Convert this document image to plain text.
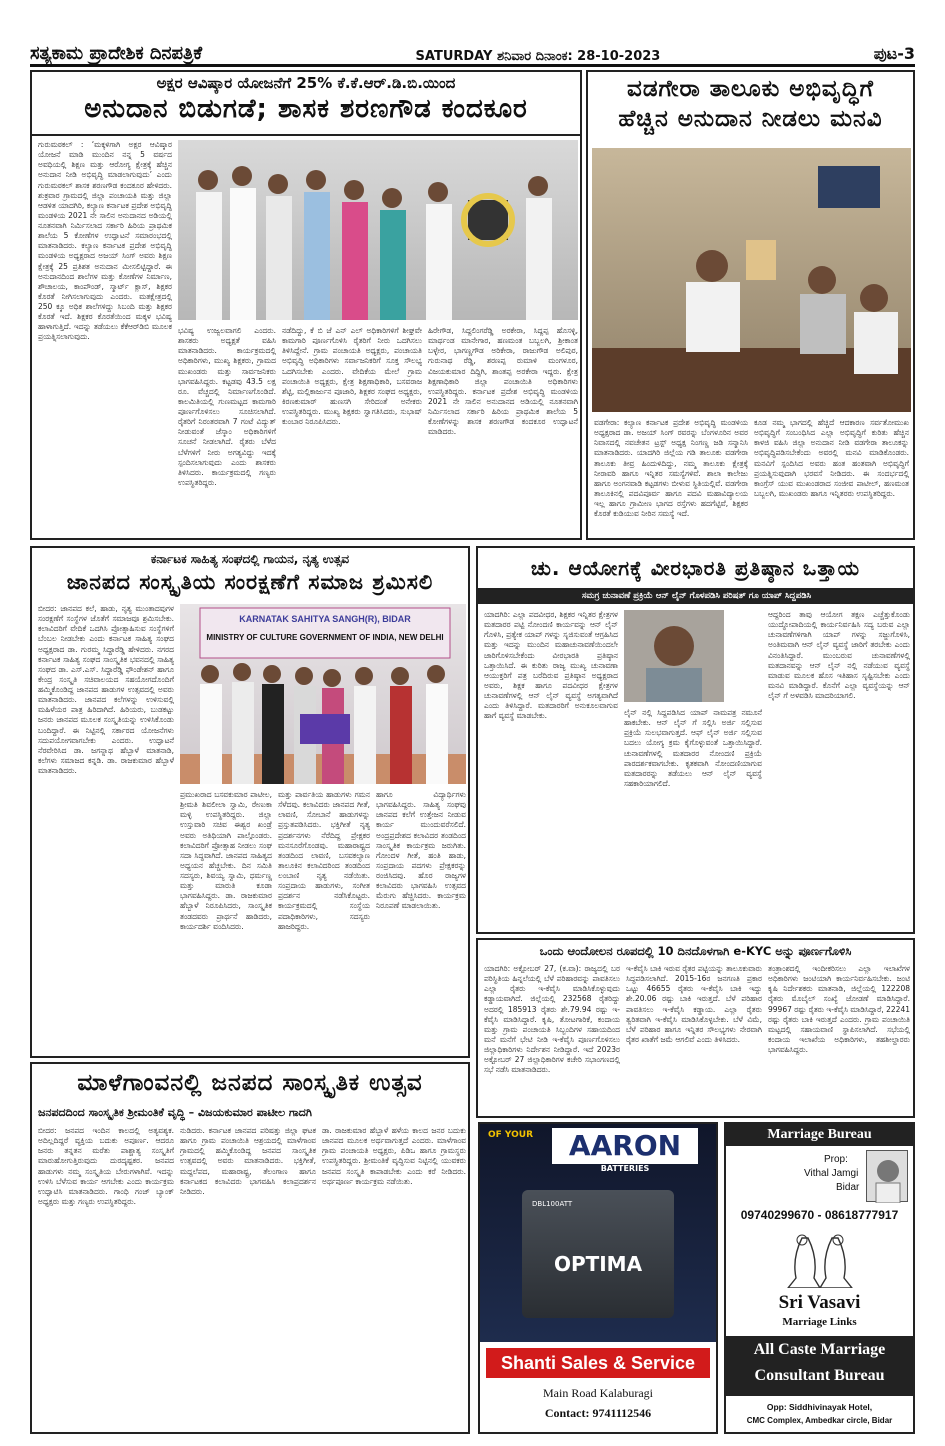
ಸತ್ಯಕಾಮ ಪ್ರಾದೇಶಿಕ ದಿನಪತ್ರಿಕೆ	SATURDAY ಶನಿವಾರ ದಿನಾಂಕ: 28-10-2023	ಪುಟ-3
ಅಕ್ಷರ ಆವಿಷ್ಕಾರ ಯೋಜನೆಗೆ 25% ಕೆ.ಕೆ.ಆರ್.ಡಿ.ಬಿ.ಯಿಂದ
ಅನುದಾನ ಬಿಡುಗಡೆ; ಶಾಸಕ ಶರಣಗೌಡ ಕಂದಕೂರ
ಗುರುಮಠಕಲ್ : ‘ಮಕ್ಕಳಿಗಾಗಿ ಅಕ್ಷರ ಆವಿಷ್ಕಾರ ಯೋಜನೆ ಮಾಡಿ ಮುಂದಿನ ನನ್ನ 5 ವರ್ಷದ ಅವಧಿಯಲ್ಲಿ ಶಿಕ್ಷಣ ಮತ್ತು ಆರೋಗ್ಯ ಕ್ಷೇತ್ರಕ್ಕೆ ಹೆಚ್ಚಿನ ಅನುದಾನ ನೀಡಿ ಅಭಿವೃದ್ಧಿ ಮಾಡಲಾಗುವುದು’ ಎಂದು ಗುರುಮಠಕಲ್ ಶಾಸಕ ಶರಣಗೌಡ ಕಂದಕೂರ ಹೇಳಿದರು. ಶುಕ್ರವಾರ ಗ್ರಾಮದಲ್ಲಿ ಜಿಲ್ಲಾ ಪಂಚಾಯತಿ ಮತ್ತು ಜಿಲ್ಲಾ ಆಡಳಿತ ಯಾದಗಿರಿ, ಕಲ್ಯಾಣ ಕರ್ನಾಟಕ ಪ್ರದೇಶ ಅಭಿವೃದ್ಧಿ ಮಂಡಳಿಯ 2021 ನೇ ಸಾಲಿನ ಅನುದಾನದ ಅಡಿಯಲ್ಲಿ ನೂತನವಾಗಿ ನಿರ್ಮಿಸಲಾದ ಸರ್ಕಾರಿ ಹಿರಿಯ ಪ್ರಾಥಮಿಕ ಶಾಲೆಯ 5 ಕೋಣೆಗಳ ಉದ್ಘಾಟನೆ ಸಮಾರಂಭದಲ್ಲಿ ಮಾತನಾಡಿದರು. ಕಲ್ಯಾಣ ಕರ್ನಾಟಕ ಪ್ರದೇಶ ಅಭಿವೃದ್ಧಿ ಮಂಡಳಿಯ ಅಧ್ಯಕ್ಷರಾದ ಅಜಯ್ ಸಿಂಗ್ ಅವರು ಶಿಕ್ಷಣ ಕ್ಷೇತ್ರಕ್ಕೆ 25 ಪ್ರತಿಶತ ಅನುದಾನ ಮೀಸಲಿಟ್ಟಿದ್ದಾರೆ. ಈ ಅನುದಾನದಿಂದ ಶಾಲೆಗಳ ಮತ್ತು ಕೋಣೆಗಳ ನಿರ್ಮಾಣ, ಶೌಚಾಲಯ, ಕಾಂಪೌಂಡ್, ಸ್ಮಾರ್ಟ್ ಕ್ಲಾಸ್, ಶಿಕ್ಷಕರ ಕೊರತೆ ನೀಗಿಸಲಾಗುವುದು ಎಂದರು. ಮತಕ್ಷೇತ್ರದಲ್ಲಿ 250 ಕ್ಕೂ ಅಧಿಕ ಶಾಲೆಗಳಿದ್ದು ಸಿಬಂದಿ ಮತ್ತು ಶಿಕ್ಷಕರ ಕೊರತೆ ಇದೆ. ಶಿಕ್ಷಕರ ಕೊರತೆಯಿಂದ ಮಕ್ಕಳ ಭವಿಷ್ಯ ಹಾಳಾಗುತ್ತಿದೆ. ಇದನ್ನು ತಡೆಯಲು ಕೆಕೆಆರ್‌ಡಿಬಿ ಮೂಲಕ ಪ್ರಯತ್ನಿಸಲಾಗುವುದು.
ಭವಿಷ್ಯ ಉಜ್ವಲವಾಗಲಿ ಎಂದರು. ಶಾಸಕರು ಅಧ್ಯಕ್ಷತೆ ವಹಿಸಿ ಮಾತನಾಡಿದರು. ಕಾರ್ಯಕ್ರಮದಲ್ಲಿ ಅಧಿಕಾರಿಗಳು, ಮುಖ್ಯ ಶಿಕ್ಷಕರು, ಗ್ರಾಮದ ಮುಖಂಡರು ಮತ್ತು ಸಾರ್ವಜನಿಕರು ಭಾಗವಹಿಸಿದ್ದರು. ಕಟ್ಟಡವು 43.5 ಲಕ್ಷ ರೂ. ವೆಚ್ಚದಲ್ಲಿ ನಿರ್ಮಾಣಗೊಂಡಿದೆ. ಕಾಲಮಿತಿಯಲ್ಲಿ ಗುಣಮಟ್ಟದ ಕಾಮಗಾರಿ ಪೂರ್ಣಗೊಳಿಸಲು ಸೂಚಿಸಲಾಗಿದೆ. ರೈತರಿಗೆ ನಿರಂತರವಾಗಿ 7 ಗಂಟೆ ವಿದ್ಯುತ್ ನೀಡುವಂತೆ ಜೆಸ್ಕಾಂ ಅಧಿಕಾರಿಗಳಿಗೆ ಸೂಚನೆ ನೀಡಲಾಗಿದೆ. ರೈತರು ಬೆಳೆದ ಬೆಳೆಗಳಿಗೆ ನೀರು ಅಗತ್ಯವಿದ್ದು ಇದಕ್ಕೆ ಸ್ಪಂದಿಸಲಾಗುವುದು ಎಂದು ಶಾಸಕರು ತಿಳಿಸಿದರು. ಕಾರ್ಯಕ್ರಮದಲ್ಲಿ ಗಣ್ಯರು ಉಪಸ್ಥಿತರಿದ್ದರು.
ನಡೆದಿದ್ದು, ಕೆ ಬಿ ಜೆ ಎನ್ ಎಲ್ ಅಧಿಕಾರಿಗಳಿಗೆ ಶೀಘ್ರವೇ ಕಾಮಗಾರಿ ಪೂರ್ಣಗೊಳಿಸಿ ರೈತರಿಗೆ ನೀರು ಒದಗಿಸಲು ತಿಳಿಸಿದ್ದೇನೆ. ಗ್ರಾಮ ಪಂಚಾಯತಿ ಅಧ್ಯಕ್ಷರು, ಪಂಚಾಯತಿ ಅಭಿವೃದ್ಧಿ ಅಧಿಕಾರಿಗಳು ಸರ್ವಾಜನಿಕರಿಗೆ ಸೂಕ್ತ ಸೌಲಭ್ಯ ಒದಗಿಸಬೇಕು ಎಂದರು. ವೇದಿಕೆಯ ಮೇಲೆ ಗ್ರಾಮ ಪಂಚಾಯಿತಿ ಅಧ್ಯಕ್ಷರು, ಕ್ಷೇತ್ರ ಶಿಕ್ಷಣಾಧಿಕಾರಿ, ಬಸವರಾಜ ಶೆಟ್ಟಿ, ಮಲ್ಲಿಕಾರ್ಜುನ ಪೂಜಾರಿ, ಶಿಕ್ಷಕರ ಸಂಘದ ಅಧ್ಯಕ್ಷರು, ಕಿರಣಕುಮಾರ್ ಹುಣಸಗಿ ಸೇರಿದಂತೆ ಅನೇಕರು ಉಪಸ್ಥಿತರಿದ್ದರು. ಮುಖ್ಯ ಶಿಕ್ಷಕರು ಸ್ವಾಗತಿಸಿದರು, ಸುಭಾಷ್ ಕುಂಬಾರ ನಿರೂಪಿಸಿದರು.
ಹಿರೇಗೌಡ, ಸಿದ್ದಲಿಂಗರೆಡ್ಡಿ ಅರಕೇರಾ, ಸಿದ್ದಪ್ಪ ಹೊಸಳ್ಳಿ, ಮಾರ್ಥಂಡ ಮಾನೇಗಾರ, ಹಣಮಂತ ಬಬ್ಬಲಗಿ, ಶ್ರೀಕಾಂತ ಬಳ್ಳೇರ, ಭಾಗಣ್ಣಗೌಡ ಅರಿಕೇರಾ, ರಾಜುಗೌಡ ಅಲಿಪುರ, ಗುರುನಾಥ ರೆಡ್ಡಿ, ಶರಣಪ್ಪ ರುಮಾಳಿ ಮಂಗಳೂರ, ವಿಜಯಕುಮಾರ ದಿದ್ದಿಗಿ, ಶಾಂತಪ್ಪ ಅರಕೇರಾ ಇದ್ದರು. ಕ್ಷೇತ್ರ ಶಿಕ್ಷಣಾಧಿಕಾರಿ ಜಿಲ್ಲಾ ಪಂಚಾಯಿತಿ ಅಧಿಕಾರಿಗಳು ಉಪಸ್ಥಿತರಿದ್ದರು. ಕರ್ನಾಟಕ ಪ್ರದೇಶ ಅಭಿವೃದ್ಧಿ ಮಂಡಳಿಯ 2021 ನೇ ಸಾಲಿನ ಅನುದಾನದ ಅಡಿಯಲ್ಲಿ ನೂತನವಾಗಿ ನಿರ್ಮಿಸಲಾದ ಸರ್ಕಾರಿ ಹಿರಿಯ ಪ್ರಾಥಮಿಕ ಶಾಲೆಯ 5 ಕೋಣೆಗಳನ್ನು ಶಾಸಕ ಶರಣಗೌಡ ಕಂದಕೂರ ಉದ್ಘಾಟನೆ ಮಾಡಿದರು.
ವಡಗೇರಾ ತಾಲೂಕು ಅಭಿವೃದ್ಧಿಗೆ
ಹೆಚ್ಚಿನ ಅನುದಾನ ನೀಡಲು ಮನವಿ
ವಡಗೇರಾ: ಕಲ್ಯಾಣ ಕರ್ನಾಟಕ ಪ್ರದೇಶ ಅಭಿವೃದ್ಧಿ ಮಂಡಳಿಯ ಅಧ್ಯಕ್ಷರಾದ ಡಾ. ಅಜಯ್ ಸಿಂಗ್ ರವರನ್ನು ಬೆಂಗಳೂರಿನ ಅವರ ನಿವಾಸದಲ್ಲಿ ನವಚೇತನ ಟ್ರಸ್ಟ್ ಅಧ್ಯಕ್ಷ ನಿಂಗಣ್ಣ ಜಡಿ ಸನ್ಮಾನಿಸಿ ಮಾತನಾಡಿದರು. ಯಾದಗಿರಿ ಜಿಲ್ಲೆಯ ಗಡಿ ತಾಲೂಕು ವಡಗೇರಾ ತಾಲೂಕು ತೀವ್ರ ಹಿಂದುಳಿದಿದ್ದು, ನಮ್ಮ ತಾಲೂಕು ಕ್ಷೇತ್ರಕ್ಕೆ ನೀರಾವರಿ ಹಾಗೂ ಇನ್ನಿತರ ಸಮಸ್ಯೆಗಳಿವೆ. ಶಾಲಾ ಕಾಲೇಜು ಹಾಗೂ ಅಂಗನವಾಡಿ ಕಟ್ಟಡಗಳು ಬೀಳುವ ಸ್ಥಿತಿಯಲ್ಲಿವೆ. ವಡಗೇರಾ ತಾಲೂಕಿನಲ್ಲಿ ಪದವಿಪೂರ್ವ ಹಾಗೂ ಪದವಿ ಮಹಾವಿದ್ಯಾಲಯ ಇಲ್ಲ ಹಾಗೂ ಗ್ರಾಮೀಣ ಭಾಗದ ರಸ್ತೆಗಳು ಹದಗೆಟ್ಟಿವೆ, ಶಿಕ್ಷಕರ ಕೊರತೆ ಕುಡಿಯುವ ನೀರಿನ ಸಮಸ್ಯೆ ಇದೆ.
ಕೂಡ ನಮ್ಮ ಭಾಗದಲ್ಲಿ ಹೆಚ್ಚಿದೆ ಆದಕಾರಣ ಸರ್ವತೋಮುಖ ಅಭಿವೃದ್ಧಿಗೆ ಸಂಬಂಧಿಸಿದ ಎಲ್ಲಾ ಅಭಿವೃದ್ಧಿಗೆ ಕುರಿತು ಹೆಚ್ಚಿನ ಕಾಳಜಿ ವಹಿಸಿ ಜಿಲ್ಲಾ ಅನುದಾನ ನೀಡಿ ವಡಗೇರಾ ತಾಲೂಕನ್ನು ಅಭಿವೃದ್ಧಿಪಡಿಸಬೇಕೆಂದು ಅವರಲ್ಲಿ ಮನವಿ ಮಾಡಿಕೊಂಡರು. ಮನವಿಗೆ ಸ್ಪಂದಿಸಿದ ಅವರು ಹಂತ ಹಂತವಾಗಿ ಅಭಿವೃದ್ಧಿಗೆ ಪ್ರಯತ್ನಿಸುವುದಾಗಿ ಭರವಸೆ ನೀಡಿದರು. ಈ ಸಂದರ್ಭದಲ್ಲಿ ಕಾಂಗ್ರೆಸ್ ಯುವ ಮುಖಂಡರಾದ ಸಂಜೀವ ಪಾಟೀಲ್, ಹಣಮಂತ ಬಬ್ಬಲಗಿ, ಮುಖಂಡರು ಹಾಗೂ ಇನ್ನಿತರರು ಉಪಸ್ಥಿತರಿದ್ದರು.
ಕರ್ನಾಟಕ ಸಾಹಿತ್ಯ ಸಂಘದಲ್ಲಿ ಗಾಯನ, ನೃತ್ಯ ಉತ್ಸವ
ಜಾನಪದ ಸಂಸ್ಕೃತಿಯ ಸಂರಕ್ಷಣೆಗೆ ಸಮಾಜ ಶ್ರಮಿಸಲಿ
ಬೀದರ: ಜಾನಪದ ಕಲೆ, ಹಾಡು, ನೃತ್ಯ ಮುಂತಾದವುಗಳ ಸಂರಕ್ಷಣೆಗೆ ಸಂಸ್ಥೆಗಳ ಜೊತೆಗೆ ಸಮಾಜವೂ ಶ್ರಮಿಸಬೇಕು. ಕಲಾವಿದರಿಗೆ ವೇದಿಕೆ ಒದಗಿಸಿ ಪ್ರೋತ್ಸಾಹಿಸುವ ಸಂಸ್ಥೆಗಳಿಗೆ ಬೆಂಬಲ ನೀಡಬೇಕು ಎಂದು ಕರ್ನಾಟಕ ಸಾಹಿತ್ಯ ಸಂಘದ ಅಧ್ಯಕ್ಷರಾದ ಡಾ. ಗುರಮ್ಮ ಸಿದ್ದಾರೆಡ್ಡಿ ಹೇಳಿದರು. ನಗರದ ಕರ್ನಾಟಕ ಸಾಹಿತ್ಯ ಸಂಘದ ಸಾಂಸ್ಕೃತಿಕ ಭವನದಲ್ಲಿ ಸಾಹಿತ್ಯ ಸಂಘದ ಡಾ. ಎಸ್.ಎಸ್. ಸಿದ್ದಾರೆಡ್ಡಿ ಫೌಂಡೇಶನ್ ಹಾಗೂ ಕೇಂದ್ರ ಸಂಸ್ಕೃತಿ ಸಚಿವಾಲಯದ ಸಹಯೋಗದೊಂದಿಗೆ ಹಮ್ಮಿಕೊಂಡಿದ್ದ ಜಾನಪದ ಹಾಡುಗಳ ಉತ್ಸವದಲ್ಲಿ ಅವರು ಮಾತನಾಡಿದರು. ಜಾನಪದ ಕಲೆಗಳನ್ನು ಉಳಿಸುವಲ್ಲಿ ಮಹಿಳೆಯರ ಪಾತ್ರ ಹಿರಿದಾಗಿದೆ. ಹಿರಿಯರು, ಬುಡಕಟ್ಟು ಜನರು ಜಾನಪದ ಮೂಲಕ ಸಂಸ್ಕೃತಿಯನ್ನು ಉಳಿಸಿಕೊಂಡು ಬಂದಿದ್ದಾರೆ. ಈ ನಿಟ್ಟಿನಲ್ಲಿ ಸರ್ಕಾರದ ಯೋಜನೆಗಳು ಸದುಪಯೋಗವಾಗಬೇಕು ಎಂದರು. ಉದ್ಘಾಟನೆ ನೆರವೇರಿಸಿದ ಡಾ. ಜಗನ್ನಾಥ ಹೆಬ್ಬಾಳೆ ಮಾತನಾಡಿ, ಕಲೆಗಳು ಸಮಾಜದ ಕನ್ನಡಿ. ಡಾ. ರಾಜಕುಮಾರ ಹೆಬ್ಬಾಳೆ ಮಾತನಾಡಿದರು.
KARNATAK SAHITYA SANGH(R), BIDAR
MINISTRY OF CULTURE GOVERNMENT OF INDIA, NEW DELHI
ಪ್ರಮುಖರಾದ ಬಸವಕುಮಾರ ಪಾಟೀಲ, ಶ್ರೀಮತಿ ಶಿವಲೀಲಾ ಸ್ವಾಮಿ, ರೇಣುಕಾ ಮಳ್ಳಿ ಉಪಸ್ಥಿತರಿದ್ದರು. ಜಿಲ್ಲಾ ಉಸ್ತುವಾರಿ ಸಚಿವ ಈಶ್ವರ ಖಂಡ್ರೆ ಅವರು ಅತಿಥಿಯಾಗಿ ಪಾಲ್ಗೊಂಡರು. ಕಲಾವಿದರಿಗೆ ಪ್ರೋತ್ಸಾಹ ನೀಡಲು ಸಂಘ ಸದಾ ಸಿದ್ಧವಾಗಿದೆ. ಜಾನಪದ ಸಾಹಿತ್ಯದ ಅಧ್ಯಯನ ಹೆಚ್ಚಬೇಕು. ದಿನ ಸಮಿತಿ ಸದಸ್ಯರು, ಶಿವಯ್ಯ ಸ್ವಾಮಿ, ಧರ್ಮಣ್ಣ ಮತ್ತು ಮಾರುತಿ ಕೂಡಾ ಭಾಗವಹಿಸಿದ್ದರು. ಡಾ. ರಾಜಕುಮಾರ ಹೆಬ್ಬಾಳೆ ನಿರೂಪಿಸಿದರು, ಸಾಂಸ್ಕೃತಿಕ ತಂಡದವರು ಪ್ರಾರ್ಥನೆ ಹಾಡಿದರು, ಕಾರ್ಯದರ್ಶಿ ವಂದಿಸಿದರು.
ಮತ್ತು ಪಾರ್ವತಿಯ ಹಾಡುಗಳು ಗಮನ ಸೆಳೆದವು. ಕಲಾವಿದರು ಜಾನಪದ ಗೀತೆ, ಲಾವಣಿ, ಸೋಬಾನೆ ಹಾಡುಗಳನ್ನು ಪ್ರಸ್ತುತಪಡಿಸಿದರು. ಭಕ್ತಿಗೀತೆ ನೃತ್ಯ ಪ್ರದರ್ಶನಗಳು ನೆರೆದಿದ್ದ ಪ್ರೇಕ್ಷಕರ ಮನಸೂರೆಗೊಂಡವು. ಮಹಾರಾಷ್ಟ್ರದ ತಂಡದಿಂದ ಲಾವಣಿ, ಬಸವಕಲ್ಯಾಣ ತಾಲೂಕಿನ ಕಲಾವಿದರಿಂದ ತಂಡದಿಂದ ಲಂಬಾಣಿ ನೃತ್ಯ ನಡೆಯಿತು. ಸಂಪ್ರದಾಯ ಹಾಡುಗಳು, ಸಂಗೀತ ಪ್ರದರ್ಶನ ನಡೆಸಿಕೊಟ್ಟರು. ಕಾರ್ಯಕ್ರಮದಲ್ಲಿ ಸಂಸ್ಥೆಯ ಪದಾಧಿಕಾರಿಗಳು, ಸದಸ್ಯರು ಹಾಜರಿದ್ದರು.
ಹಾಗೂ ವಿದ್ಯಾರ್ಥಿಗಳು ಭಾಗವಹಿಸಿದ್ದರು. ಸಾಹಿತ್ಯ ಸಂಘವು ಜಾನಪದ ಕಲೆಗೆ ಉತ್ತೇಜನ ನೀಡುವ ಕಾರ್ಯ ಮುಂದುವರೆಸಲಿದೆ. ಅಂದ್ರಪ್ರದೇಶದ ಕಲಾವಿದರ ತಂಡದಿಂದ ಸಾಂಸ್ಕೃತಿಕ ಕಾರ್ಯಕ್ರಮ ಜರುಗಿತು. ಗೋಂದಳ ಗೀತೆ, ಹಂತಿ ಹಾಡು, ಸಂಪ್ರದಾಯ ಪದಗಳು ಪ್ರೇಕ್ಷಕರನ್ನು ರಂಜಿಸಿದವು. ಹೊರ ರಾಜ್ಯಗಳ ಕಲಾವಿದರು ಭಾಗವಹಿಸಿ ಉತ್ಸವದ ಮೆರುಗು ಹೆಚ್ಚಿಸಿದರು. ಕಾರ್ಯಕ್ರಮ ನಿರೂಪಣೆ ಮಾಡಲಾಯಿತು.
ಚು. ಆಯೋಗಕ್ಕೆ ವೀರಭಾರತಿ ಪ್ರತಿಷ್ಠಾನ ಒತ್ತಾಯ
ಸಮಗ್ರ ಚುನಾವಣೆ ಪ್ರಕ್ರಿಯೆ ಆನ್ ಲೈನ್ ಗೊಳಪಡಿಸಿ ಪರಿಷತ್ ಗೂ ಯಾಪ್ ಸಿದ್ದಪಡಿಸಿ
ಯಾದಗಿರಿ: ಎಲ್ಲಾ ಪದವೀಧರ, ಶಿಕ್ಷಕರ ಇನ್ನಿತರ ಕ್ಷೇತ್ರಗಳ ಮತದಾರರ ಪಟ್ಟಿ ನೋಂದಣಿ ಕಾರ್ಯವನ್ನು ಆನ್ ಲೈನ್ ಗೊಳಿಸಿ, ಪ್ರತ್ಯೇಕ ಯಾಪ್ ಗಳನ್ನು ಸೃಜಿಸುವಂತೆ ಆಗ್ರಹಿಸಿದ ಮತ್ತು ಇದನ್ನು ಮುಂದಿನ ಮಹಾಚುನಾವಣೆಯಿಂದಲೇ ಜಾರಿಗೊಳಿಸಬೇಕೆಂದು ವೀರಭಾರತಿ ಪ್ರತಿಷ್ಠಾನ ಒತ್ತಾಯಿಸಿದೆ. ಈ ಕುರಿತು ರಾಜ್ಯ ಮುಖ್ಯ ಚುನಾವಣಾ ಆಯುಕ್ತರಿಗೆ ಪತ್ರ ಬರೆದಿರುವ ಪ್ರತಿಷ್ಠಾನ ಅಧ್ಯಕ್ಷರಾದ ಅವರು, ಶಿಕ್ಷಕ ಹಾಗೂ ಪದವೀಧರ ಕ್ಷೇತ್ರಗಳ ಚುನಾವಣೆಗಳಲ್ಲಿ ಆನ್ ಲೈನ್ ವ್ಯವಸ್ಥೆ ಅಗತ್ಯವಾಗಿದೆ ಎಂದು ತಿಳಿಸಿದ್ದಾರೆ. ಮತದಾರರಿಗೆ ಅನುಕೂಲವಾಗುವ ಹಾಗೆ ವ್ಯವಸ್ಥೆ ಮಾಡಬೇಕು.	ಲೈನ್ ನಲ್ಲಿ ಸಿದ್ದಪಡಿಸಿದ ಯಾಪ್ ನಾಮಪತ್ರ ನಮೂನೆ ಹಾಕಬೇಕು. ಆನ್ ಲೈನ್ ಗೆ ಸಲ್ಲಿಸಿ ಅರ್ಜಿ ಸಲ್ಲಿಸುವ ಪ್ರಕ್ರಿಯೆ ಸುಲಭವಾಗುತ್ತದೆ. ಆಫ್ ಲೈನ್ ಅರ್ಜಿ ಸಲ್ಲಿಸುವ ಬದಲು ಯೋಗ್ಯ ಕ್ರಮ ಕೈಗೊಳ್ಳುವಂತೆ ಒತ್ತಾಯಿಸಿದ್ದಾರೆ. ಚುನಾವಣೆಗಳಲ್ಲಿ ಮತದಾರರ ನೋಂದಣಿ ಪ್ರಕ್ರಿಯೆ ಪಾರದರ್ಶಕವಾಗಬೇಕು. ಕೃತಕವಾಗಿ ನೋಂದಣಿಯಾಗುವ ಮತದಾರರನ್ನು ತಡೆಯಲು ಆನ್ ಲೈನ್ ವ್ಯವಸ್ಥೆ ಸಹಕಾರಿಯಾಗಲಿದೆ.
ಆದ್ದರಿಂದ ತಾವು ಆಯೋಗ ತಕ್ಷಣ ಎಚ್ಚೆತ್ತುಕೊಂಡು ಯುದ್ಧೋಪಾದಿಯಲ್ಲಿ ಕಾರ್ಯನಿರ್ವಹಿಸಿ ಸದ್ಯ ಬರುವ ಎಲ್ಲಾ ಚುನಾವಣೆಗಳಿಗಾಗಿ ಯಾಪ್ ಗಳನ್ನು ಸಜ್ಜುಗೊಳಿಸಿ, ಅಂತಿಮವಾಗಿ ಆನ್ ಲೈನ್ ವ್ಯವಸ್ಥೆ ಜಾರಿಗೆ ತರಬೇಕು ಎಂದು ವಿನಂತಿಸಿದ್ದಾರೆ. ಮುಂಬರುವ ಚುನಾವಣೆಗಳಲ್ಲಿ ಮತದಾನವನ್ನು ಆನ್ ಲೈನ್ ನಲ್ಲಿ ನಡೆಯುವ ವ್ಯವಸ್ಥೆ ಮಾಡುವ ಮೂಲಕ ಹೊಸ ಇತಿಹಾಸ ಸೃಷ್ಟಿಸಬೇಕು ಎಂದು ಮನವಿ ಮಾಡಿದ್ದಾರೆ. ಕೊನೆಗೆ ಎಲ್ಲಾ ವ್ಯವಸ್ಥೆಯನ್ನು ಆನ್ ಲೈನ್ ಗೆ ಅಳವಡಿಸಿ ಮಾದರಿಯಾಗಲಿ.
ಒಂದು ಆಂದೋಲನ ರೂಪದಲ್ಲಿ 10 ದಿನದೊಳಗಾಗಿ e-KYC ಅನ್ನು ಪೂರ್ಣಗೊಳಿಸಿ
ಯಾದಗಿರಿ: ಅಕ್ಟೋಬರ್ 27, (ಕ.ವಾ): ರಾಜ್ಯದಲ್ಲಿ ಬರ ಪರಿಸ್ಥಿತಿಯ ಹಿನ್ನಲೆಯಲ್ಲಿ ಬೆಳೆ ಪರಿಹಾರವನ್ನು ಪಾವತಿಸಲು ಎಲ್ಲಾ ರೈತರು ಇ-ಕೆವೈಸಿ ಮಾಡಿಸಿಕೊಳ್ಳುವುದು ಕಡ್ಡಾಯವಾಗಿದೆ. ಜಿಲ್ಲೆಯಲ್ಲಿ 232568 ರೈತರಿದ್ದು ಅದರಲ್ಲಿ 185913 ರೈತರು ಶೇ.79.94 ರಷ್ಟು ಇ-ಕೆವೈಸಿ ಮಾಡಿಸಿದ್ದಾರೆ. ಕೃಷಿ, ತೋಟಗಾರಿಕೆ, ಕಂದಾಯ ಮತ್ತು ಗ್ರಾಮ ಪಂಚಾಯತಿ ಸಿಬ್ಬಂದಿಗಳ ಸಹಾಯದಿಂದ ಮನೆ ಮನೆಗೆ ಭೇಟಿ ನೀಡಿ ಇ-ಕೆವೈಸಿ ಪೂರ್ಣಗೊಳಿಸಲು ಜಿಲ್ಲಾಧಿಕಾರಿಗಳು ನಿರ್ದೇಶನ ನೀಡಿದ್ದಾರೆ. ಇದೆ 2023ರ ಅಕ್ಟೋಬರ್ 27 ಜಿಲ್ಲಾಧಿಕಾರಿಗಳ ಕಚೇರಿ ಸಭಾಂಗಣದಲ್ಲಿ ಸಭೆ ನಡೆಸಿ ಮಾತನಾಡಿದರು.
ಇ-ಕೆವೈಸಿ ಬಾಕಿ ಇರುವ ರೈತರ ಪಟ್ಟಿಯನ್ನು ತಾಲೂಕುವಾರು ಸಿದ್ಧಪಡಿಸಲಾಗಿದೆ. 2015-16ರ ಜನಗಣತಿ ಪ್ರಕಾರ ಒಟ್ಟು 46655 ರೈತರು ಇ-ಕೆವೈಸಿ ಬಾಕಿ ಇದ್ದು ಶೇ.20.06 ರಷ್ಟು ಬಾಕಿ ಇರುತ್ತದೆ. ಬೆಳೆ ಪರಿಹಾರ ಪಾವತಿಸಲು ಇ-ಕೆವೈಸಿ ಕಡ್ಡಾಯ. ಎಲ್ಲಾ ರೈತರು ತ್ವರಿತವಾಗಿ ಇ-ಕೆವೈಸಿ ಮಾಡಿಸಿಕೊಳ್ಳಬೇಕು. ಬೆಳೆ ವಿಮೆ, ಬೆಳೆ ಪರಿಹಾರ ಹಾಗೂ ಇನ್ನಿತರ ಸೌಲಭ್ಯಗಳು ನೇರವಾಗಿ ರೈತರ ಖಾತೆಗೆ ಜಮೆ ಆಗಲಿವೆ ಎಂದು ತಿಳಿಸಿದರು.
ತಂತ್ರಾಂಶದಲ್ಲಿ ಇಂದೀಕರಿಸಲು ಎಲ್ಲಾ ಇಲಾಖೆಗಳ ಅಧಿಕಾರಿಗಳು ಜಂಟಿಯಾಗಿ ಕಾರ್ಯನಿರ್ವಹಿಸಬೇಕು. ಜಂಟಿ ಕೃಷಿ ನಿರ್ದೇಶಕರು ಮಾತನಾಡಿ, ಜಿಲ್ಲೆಯಲ್ಲಿ 122208 ರೈತರು ಮೊಬೈಲ್ ಸಂಖ್ಯೆ ಜೋಡಣೆ ಮಾಡಿಸಿದ್ದಾರೆ. 99967 ರಷ್ಟು ರೈತರು ಇ-ಕೆವೈಸಿ ಮಾಡಿಸಿದ್ದಾರೆ, 22241 ರಷ್ಟು ರೈತರು ಬಾಕಿ ಇರುತ್ತದೆ ಎಂದರು. ಗ್ರಾಮ ಪಂಚಾಯಿತಿ ಮಟ್ಟದಲ್ಲಿ ಸಹಾಯವಾಣಿ ಸ್ಥಾಪಿಸಲಾಗಿದೆ. ಸಭೆಯಲ್ಲಿ ಕಂದಾಯ ಇಲಾಖೆಯ ಅಧಿಕಾರಿಗಳು, ತಹಶೀಲ್ದಾರರು ಭಾಗವಹಿಸಿದ್ದರು.
ಮಾಳೆಗಾಂವನಲ್ಲಿ ಜನಪದ ಸಾಂಸ್ಕೃತಿಕ ಉತ್ಸವ
ಜನಪದದಿಂದ ಸಾಂಸ್ಕೃತಿಕ ಶ್ರೀಮಂತಿಕೆ ವೃದ್ಧಿ – ವಿಜಯಕುಮಾರ ಪಾಟೀಲ ಗಾದಗಿ
ಬೀದರ: ಜನಪದ ಇಂದಿನ ಕಾಲದಲ್ಲಿ ಅತ್ಯವಶ್ಯಕ. ಅದಿಲ್ಲದಿದ್ದರೆ ವ್ಯಕ್ತಿಯ ಬದುಕು ಅಪೂರ್ಣ. ಆದರೂ ಜನರು ತನ್ನತನ ಮರೆತು ಪಾಶ್ಚಾತ್ಯ ಸಂಸ್ಕೃತಿಗೆ ಮಾರುಹೋಗುತ್ತಿರುವುದು ದುರದೃಷ್ಟಕರ. ಜನಪದ ಹಾಡುಗಳು ನಮ್ಮ ಸಂಸ್ಕೃತಿಯ ಬೇರುಗಳಾಗಿವೆ. ಇದನ್ನು ಉಳಿಸಿ ಬೆಳೆಸುವ ಕಾರ್ಯ ಆಗಬೇಕು ಎಂದು ಕಾರ್ಯಕ್ರಮ ಉದ್ಘಾಟಿಸಿ ಮಾತನಾಡಿದರು. ಗಾಂಧಿ ಗಂಜ್ ಬ್ಯಾಂಕ್ ಅಧ್ಯಕ್ಷರು ಮತ್ತು ಗಣ್ಯರು ಉಪಸ್ಥಿತರಿದ್ದರು.
ನುಡಿದರು. ಕರ್ನಾಟಕ ಜಾನಪದ ಪರಿಷತ್ತು ಜಿಲ್ಲಾ ಘಟಕ ಹಾಗೂ ಗ್ರಾಮ ಪಂಚಾಯಿತಿ ಆಶ್ರಯದಲ್ಲಿ ಮಾಳೆಗಾಂವ ಗ್ರಾಮದಲ್ಲಿ ಹಮ್ಮಿಕೊಂಡಿದ್ದ ಜನಪದ ಸಾಂಸ್ಕೃತಿಕ ಉತ್ಸವದಲ್ಲಿ ಅವರು ಮಾತನಾಡಿದರು. ಭಕ್ತಿಗೀತೆ, ಮದ್ದಲೆಪದ, ಮಹಾರಾಷ್ಟ್ರ, ತೆಲಂಗಾಣ ಹಾಗೂ ಕರ್ನಾಟಕದ ಕಲಾವಿದರು ಭಾಗವಹಿಸಿ ಕಲಾಪ್ರದರ್ಶನ ನೀಡಿದರು.
ಡಾ. ರಾಜಕುಮಾರ ಹೆಬ್ಬಾಳೆ ಹಳೆಯ ಕಾಲದ ಜನರ ಬದುಕು ಜಾನಪದ ಮೂಲಕ ಅರ್ಥವಾಗುತ್ತದೆ ಎಂದರು. ಮಾಳೆಗಾಂವ ಗ್ರಾಮ ಪಂಚಾಯತಿ ಅಧ್ಯಕ್ಷರು, ಪಿಡಿಒ ಹಾಗೂ ಗ್ರಾಮಸ್ಥರು ಉಪಸ್ಥಿತರಿದ್ದರು. ಶ್ರೀಮಂತಿಕೆ ವೃದ್ಧಿಸುವ ನಿಟ್ಟಿನಲ್ಲಿ ಯುವಕರು ಜನಪದ ಸಂಸ್ಕೃತಿ ಕಾಪಾಡಬೇಕು ಎಂದು ಕರೆ ನೀಡಿದರು. ಅರ್ಥಪೂರ್ಣ ಕಾರ್ಯಕ್ರಮ ನಡೆಯಿತು.
OF YOUR	AARON
BATTERIES
DBL100ATT
OPTIMA
Shanti Sales & Service
Main Road Kalaburagi
Contact: 9741112546
Marriage Bureau
Prop:
Vithal Jamgi
Bidar
09740299670 - 08618777917
Sri Vasavi
Marriage Links
All Caste Marriage
Consultant Bureau
Opp: Siddhivinayak Hotel,
CMC Complex, Ambedkar circle, Bidar
